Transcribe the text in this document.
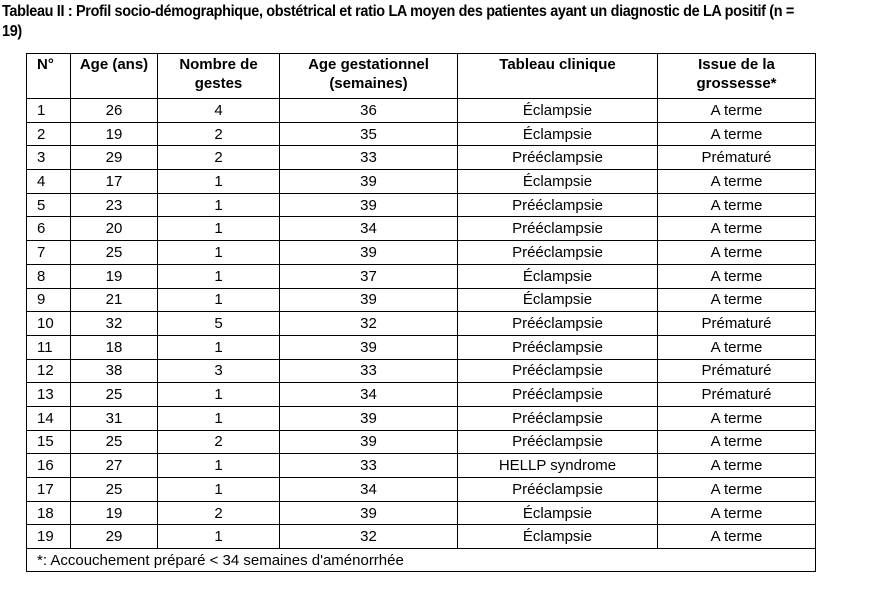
Tableau II : Profil socio-démographique, obstétrical et ratio LA moyen des patientes ayant un diagnostic de LA positif (n = 19)
N°	Age (ans)	Nombre de gestes	Age gestationnel (semaines)	Tableau clinique	Issue de la grossesse*
1	26	4	36	Éclampsie	A terme
2	19	2	35	Éclampsie	A terme
3	29	2	33	Prééclampsie	Prématuré
4	17	1	39	Éclampsie	A terme
5	23	1	39	Prééclampsie	A terme
6	20	1	34	Prééclampsie	A terme
7	25	1	39	Prééclampsie	A terme
8	19	1	37	Éclampsie	A terme
9	21	1	39	Éclampsie	A terme
10	32	5	32	Prééclampsie	Prématuré
11	18	1	39	Prééclampsie	A terme
12	38	3	33	Prééclampsie	Prématuré
13	25	1	34	Prééclampsie	Prématuré
14	31	1	39	Prééclampsie	A terme
15	25	2	39	Prééclampsie	A terme
16	27	1	33	HELLP syndrome	A terme
17	25	1	34	Prééclampsie	A terme
18	19	2	39	Éclampsie	A terme
19	29	1	32	Éclampsie	A terme
*: Accouchement préparé < 34 semaines d'aménorrhée					
